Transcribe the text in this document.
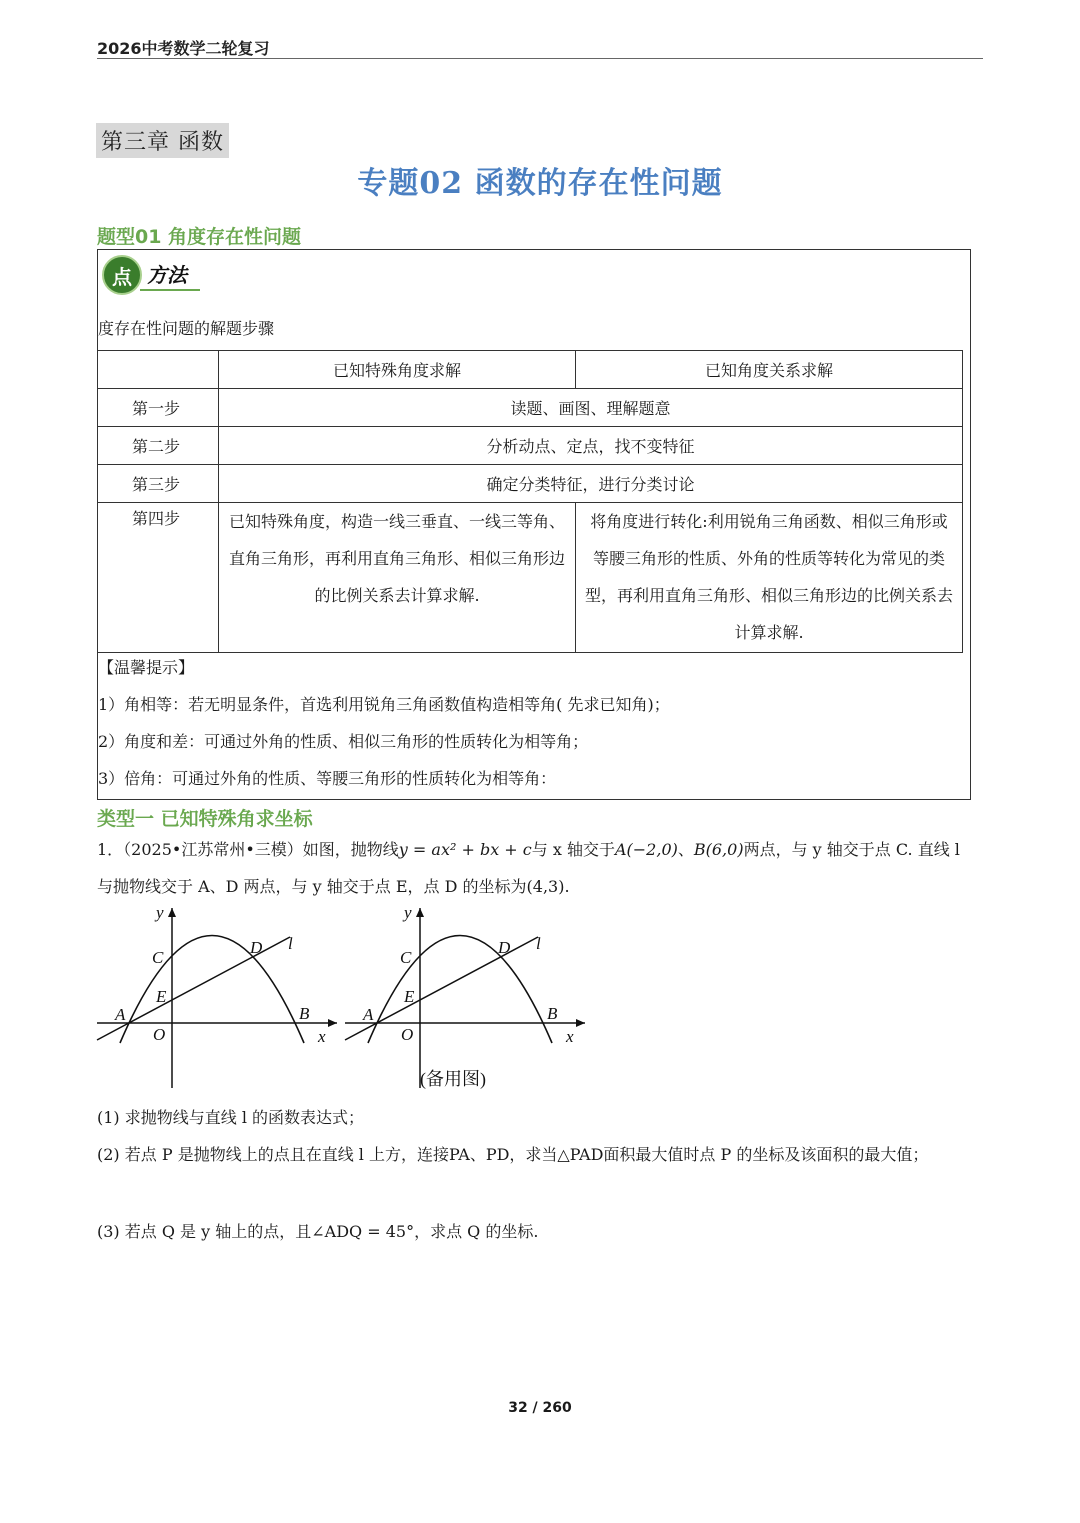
2026中考数学二轮复习
第三章 函数
专题02 函数的存在性问题
题型01 角度存在性问题
点 方法
度存在性问题的解题步骤
	已知特殊角度求解	已知角度关系求解
第一步	读题、画图、理解题意	
第二步	分析动点、定点，找不变特征	
第三步	确定分类特征，进行分类讨论	
第四步	已知特殊角度，构造一线三垂直、一线三等角、直角三角形，再利用直角三角形、相似三角形边的比例关系去计算求解.	将角度进行转化:利用锐角三角函数、相似三角形或等腰三角形的性质、外角的性质等转化为常见的类型，再利用直角三角形、相似三角形边的比例关系去计算求解.
【温馨提示】
1）角相等：若无明显条件，首选利用锐角三角函数值构造相等角( 先求已知角)；
2）角度和差：可通过外角的性质、相似三角形的性质转化为相等角；
3）倍角：可通过外角的性质、等腰三角形的性质转化为相等角：
类型一 已知特殊角求坐标
1．（2025•江苏常州•三模）如图，抛物线y = ax² + bx + c与 x 轴交于A(−2,0)、B(6,0)两点，与 y 轴交于点 C. 直线 l 与抛物线交于 A、D 两点，与 y 轴交于点 E，点 D 的坐标为(4,3).
y
x
C
D l
E
A
O
B
y
x
C
D l
E
A
O
B
(备用图)
(1) 求抛物线与直线 l 的函数表达式；
(2) 若点 P 是抛物线上的点且在直线 l 上方，连接PA、PD，求当△PAD面积最大值时点 P 的坐标及该面积的最大值；
(3) 若点 Q 是 y 轴上的点，且∠ADQ = 45°，求点 Q 的坐标.
32 / 260
